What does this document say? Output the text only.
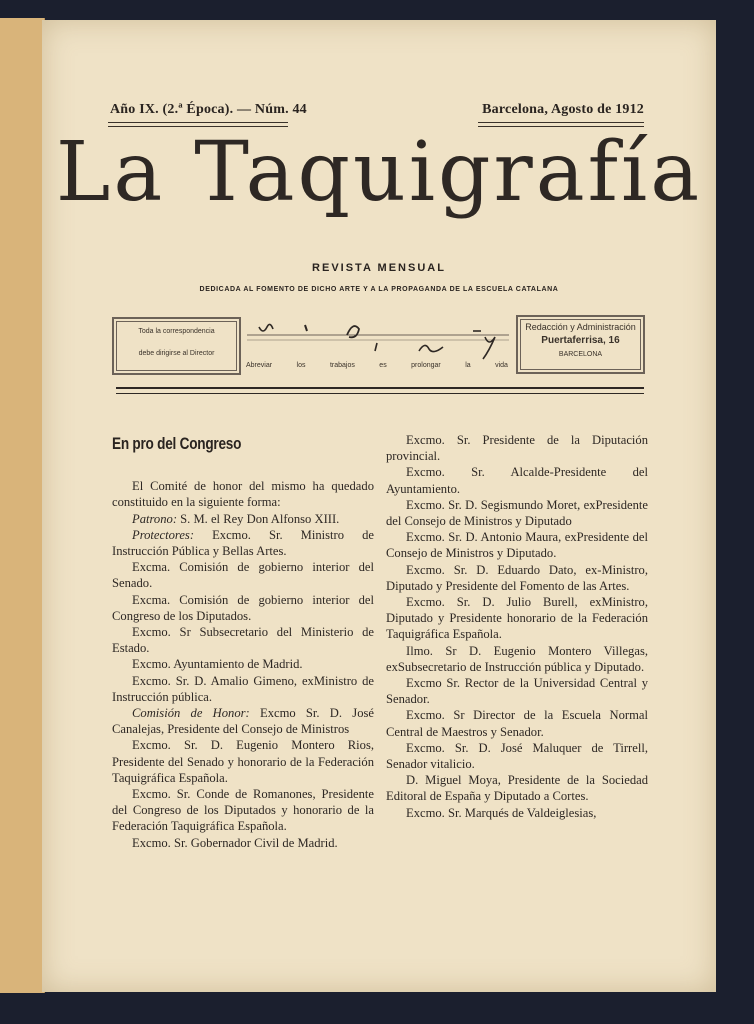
Año IX. (2.ª Época). — Núm. 44	Barcelona, Agosto de 1912
La Taquigrafía
REVISTA MENSUAL
DEDICADA AL FOMENTO DE DICHO ARTE Y A LA PROPAGANDA DE LA ESCUELA CATALANA
Toda la correspondencia
debe dirigirse al Director
Abreviar	los	trabajos	es	prolongar	la	vida
Redacción y Administración
Puertaferrisa, 16
BARCELONA

En pro del Congreso

El Comité de honor del mismo ha quedado constituido en la siguiente forma:

Patrono: S. M. el Rey Don Alfonso XIII.

Protectores: Excmo. Sr. Ministro de Instrucción Pública y Bellas Artes.

Excma. Comisión de gobierno interior del Senado.

Excma. Comisión de gobierno interior del Congreso de los Diputados.

Excmo. Sr Subsecretario del Ministerio de Estado.

Excmo. Ayuntamiento de Madrid.

Excmo. Sr. D. Amalio Gimeno, exMinistro de Instrucción pública.

Comisión de Honor: Excmo Sr. D. José Canalejas, Presidente del Consejo de Ministros

Excmo. Sr. D. Eugenio Montero Rios, Presidente del Senado y honorario de la Federación Taquigráfica Española.

Excmo. Sr. Conde de Romanones, Presidente del Congreso de los Diputados y honorario de la Federación Taquigráfica Española.

Excmo. Sr. Gobernador Civil de Madrid.

Excmo. Sr. Presidente de la Diputación provincial.

Excmo. Sr. Alcalde-Presidente del Ayuntamiento.

Excmo. Sr. D. Segismundo Moret, exPresidente del Consejo de Ministros y Diputado

Excmo. Sr. D. Antonio Maura, exPresidente del Consejo de Ministros y Diputado.

Excmo. Sr. D. Eduardo Dato, ex-Ministro, Diputado y Presidente del Fomento de las Artes.

Excmo. Sr. D. Julio Burell, exMinistro, Diputado y Presidente honorario de la Federación Taquigráfica Española.

Ilmo. Sr D. Eugenio Montero Villegas, exSubsecretario de Instrucción pública y Diputado.

Excmo Sr. Rector de la Universidad Central y Senador.

Excmo. Sr Director de la Escuela Normal Central de Maestros y Senador.

Excmo. Sr. D. José Maluquer de Tirrell, Senador vitalicio.

D. Miguel Moya, Presidente de la Sociedad Editoral de España y Diputado a Cortes.

Excmo. Sr. Marqués de Valdeiglesias,
